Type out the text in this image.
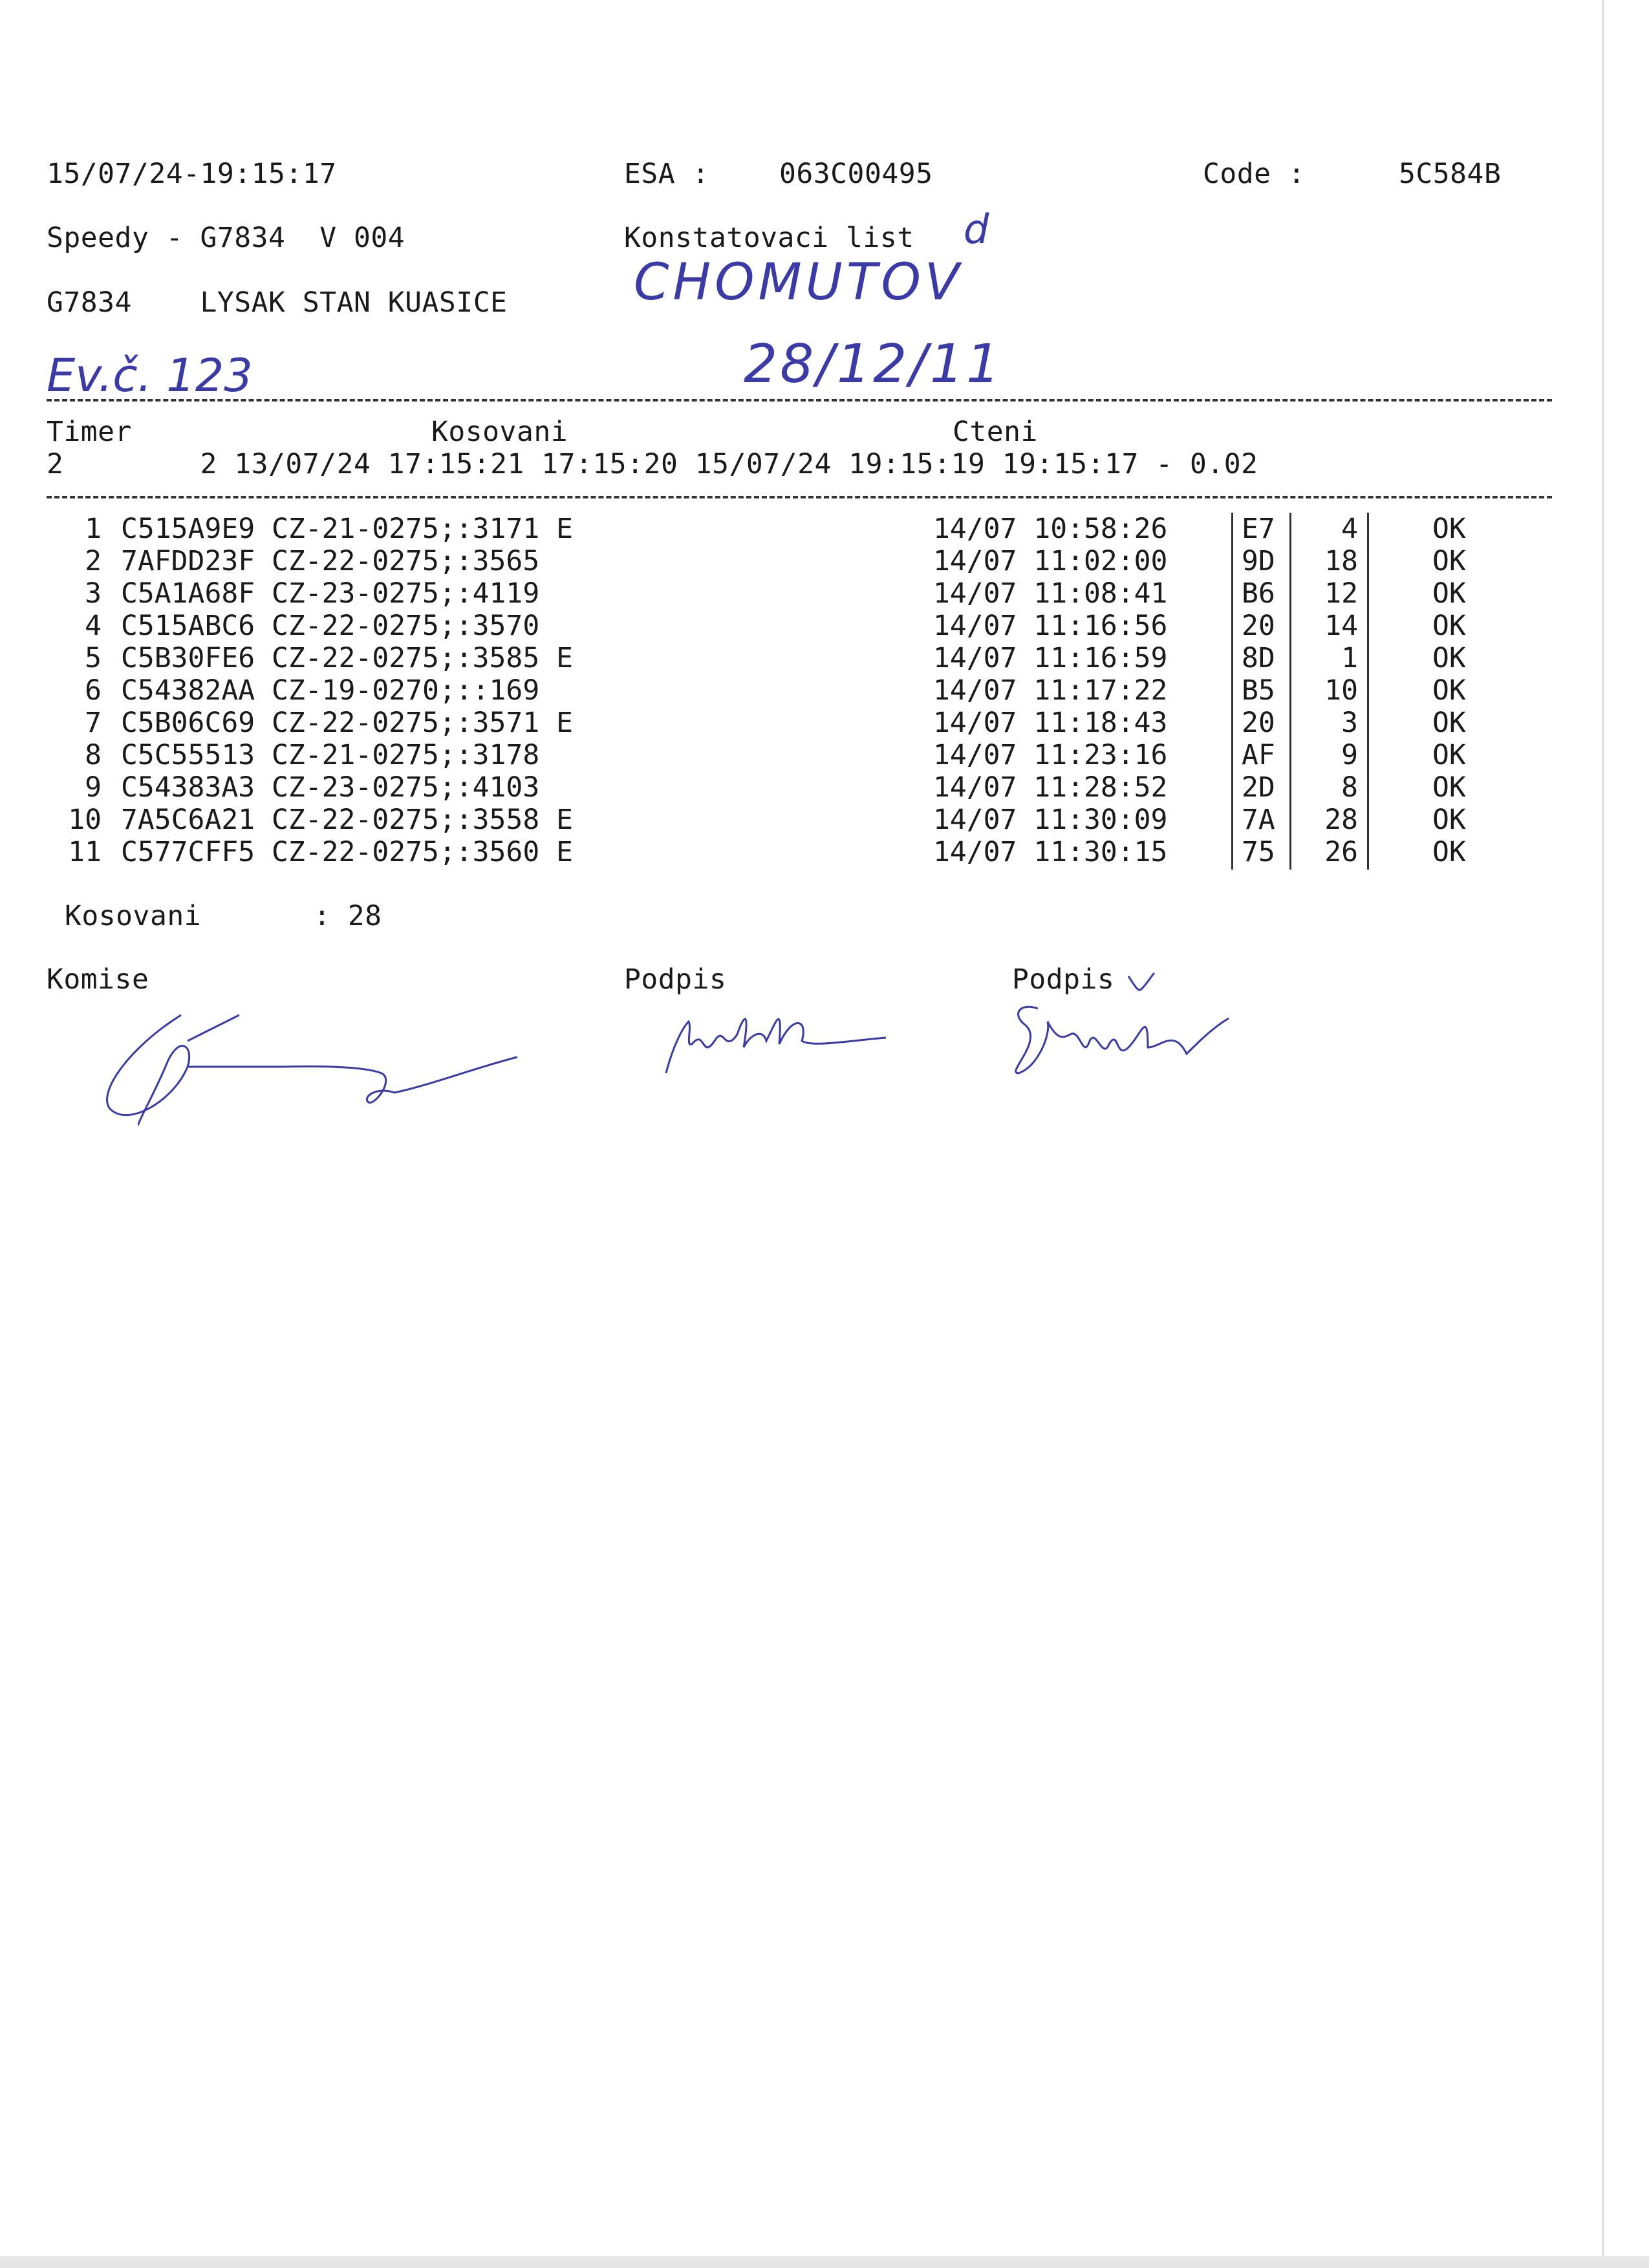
15/07/24-19:15:17	ESA :	063C00495	Code :	5C584B
Speedy - G7834  V 004	Konstatovaci list d
G7834    LYSAK STAN KUASICE	CHOMUTOV
Ev.č. 123	28/12/11
Timer	Kosovani	Cteni
2        2 13/07/24 17:15:21 17:15:20 15/07/24 19:15:19 19:15:17 - 0.02
1 C515A9E9 CZ-21-0275;:3171 E	14/07 10:58:26	E7	4	OK
2 7AFDD23F CZ-22-0275;:3565	14/07 11:02:00	9D	18	OK
3 C5A1A68F CZ-23-0275;:4119	14/07 11:08:41	B6	12	OK
4 C515ABC6 CZ-22-0275;:3570	14/07 11:16:56	20	14	OK
5 C5B30FE6 CZ-22-0275;:3585 E	14/07 11:16:59	8D	1	OK
6 C54382AA CZ-19-0270;::169	14/07 11:17:22	B5	10	OK
7 C5B06C69 CZ-22-0275;:3571 E	14/07 11:18:43	20	3	OK
8 C5C55513 CZ-21-0275;:3178	14/07 11:23:16	AF	9	OK
9 C54383A3 CZ-23-0275;:4103	14/07 11:28:52	2D	8	OK
10 7A5C6A21 CZ-22-0275;:3558 E	14/07 11:30:09	7A	28	OK
11 C577CFF5 CZ-22-0275;:3560 E	14/07 11:30:15	75	26	OK
Kosovani	: 28
Komise	Podpis	Podpis
